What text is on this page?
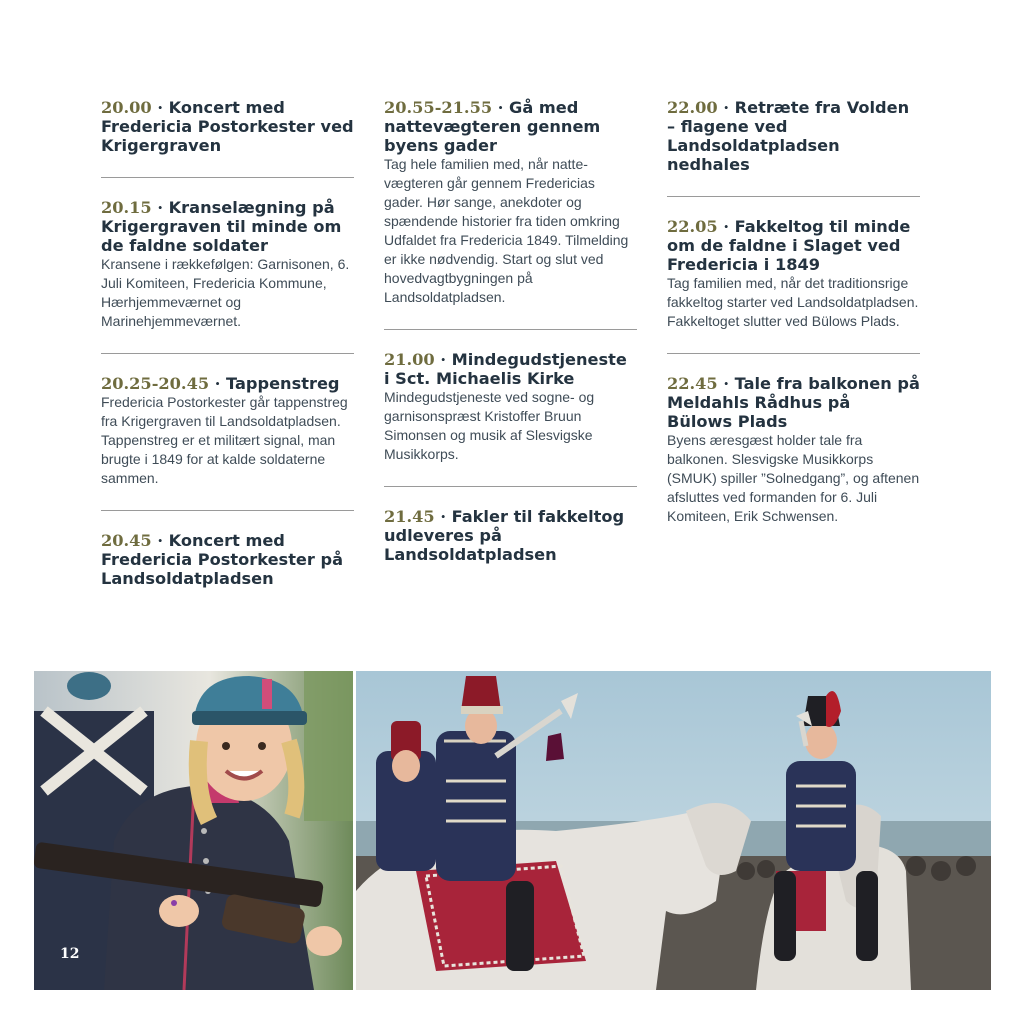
20.00 · Koncert med Fredericia Postorkester ved Krigergraven
20.15 · Kranselægning på Krigergraven til minde om de faldne soldater

Kransene i rækkefølgen: Garnisonen, 6. Juli Komiteen, Fredericia Kommune, Hærhjemmeværnet og Marinehjemmeværnet.

20.25-20.45 · Tappenstreg

Fredericia Postorkester går tappenstreg fra Krigergraven til Landsoldatpladsen. Tappenstreg er et militært signal, man brugte i 1849 for at kalde soldaterne sammen.

20.45 · Koncert med Fredericia Postorkester på Landsoldatpladsen
20.55-21.55 · Gå med nattevægteren gennem byens gader

Tag hele familien med, når nattevægteren går gennem Fredericias gader. Hør sange, anekdoter og spændende historier fra tiden omkring Udfaldet fra Fredericia 1849. Tilmelding er ikke nødvendig. Start og slut ved hovedvagtbygningen på Landsoldatpladsen.

21.00 · Mindegudstjeneste i Sct. Michaelis Kirke

Mindegudstjeneste ved sogne- og garnisonspræst Kristoffer Bruun Simonsen og musik af Slesvigske Musikkorps.

21.45 · Fakler til fakkeltog udleveres på Landsoldatpladsen
22.00 · Retræte fra Volden – flagene ved Landsoldatpladsen nedhales
22.05 · Fakkeltog til minde om de faldne i Slaget ved Fredericia i 1849

Tag familien med, når det traditionsrige fakkeltog starter ved Landsoldatpladsen. Fakkeltoget slutter ved Bülows Plads.

22.45 · Tale fra balkonen på Meldahls Rådhus på Bülows Plads

Byens æresgæst holder tale fra balkonen. Slesvigske Musikkorps (SMUK) spiller ”Solnedgang”, og aftenen afsluttes ved formanden for 6. Juli Komiteen, Erik Schwensen.

12
